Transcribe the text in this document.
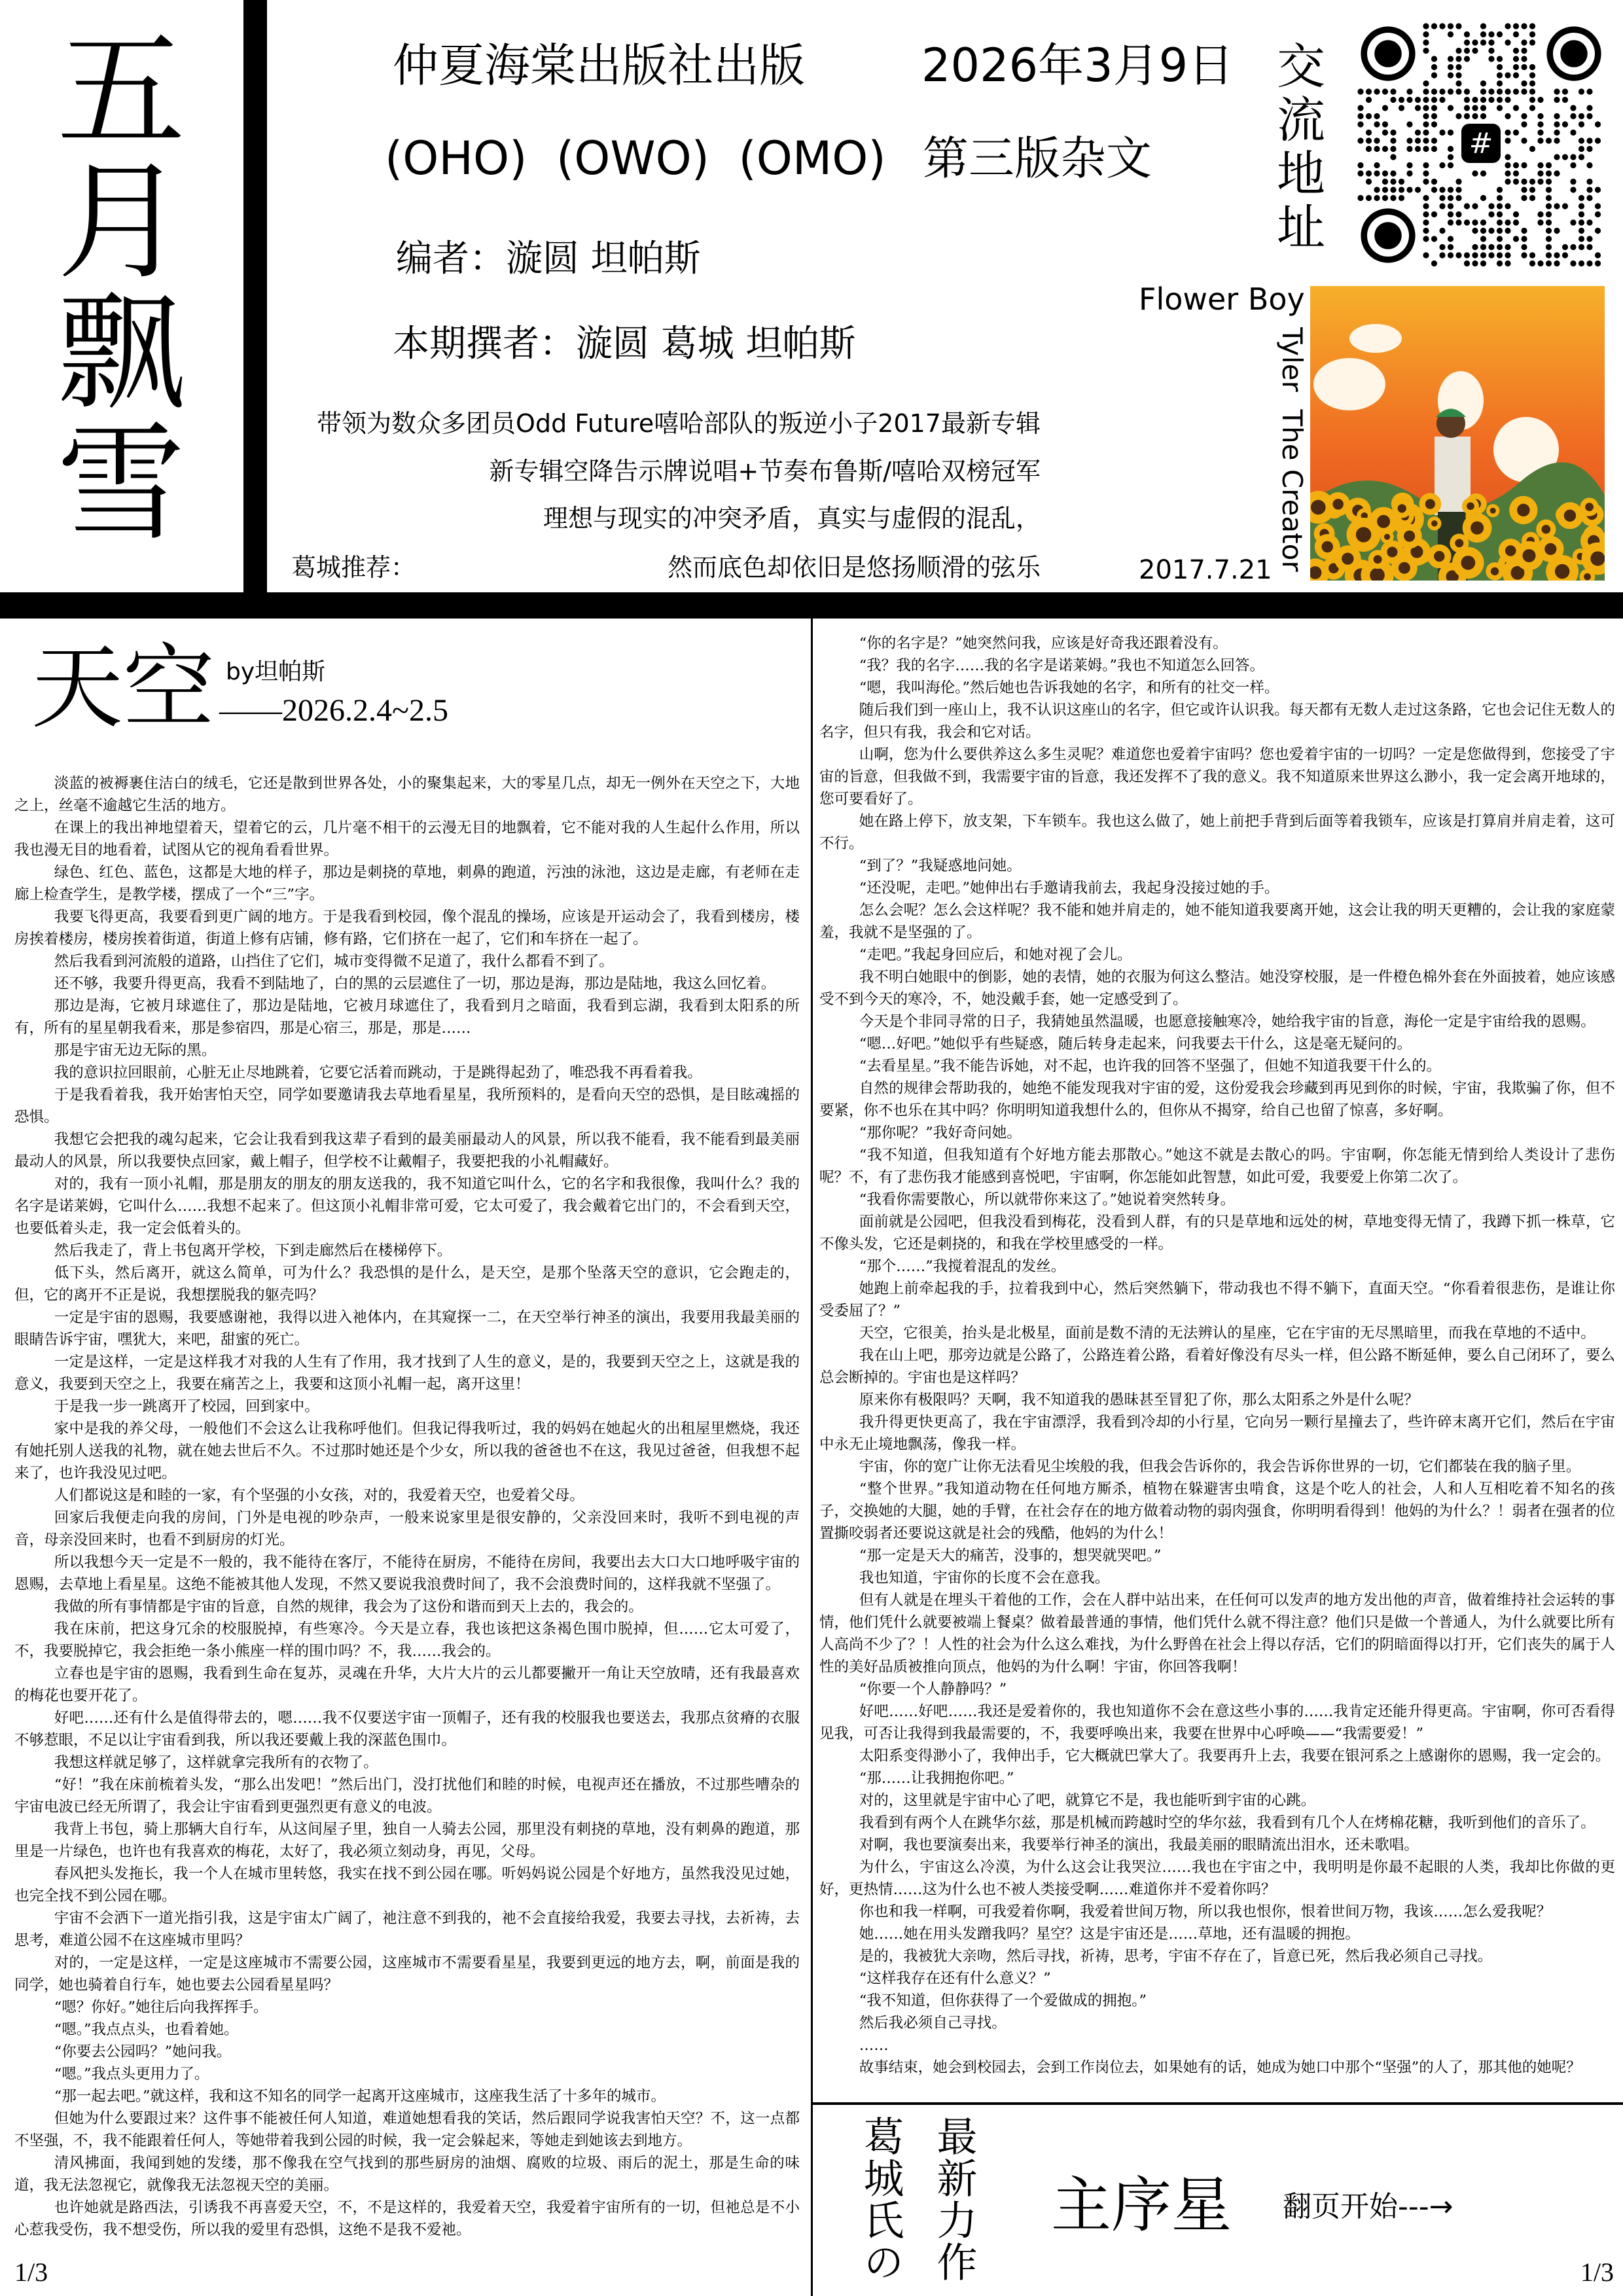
五
月
飘
雪
仲夏海棠出版社出版	2026年3月9日
(OHO)  (OWO)  (OMO) 第三版杂文
编者：漩圆 坦帕斯
本期撰者：漩圆 葛城 坦帕斯
带领为数众多团员Odd Future嘻哈部队的叛逆小子2017最新专辑
新专辑空降告示牌说唱+节奏布鲁斯/嘻哈双榜冠军
理想与现实的冲突矛盾，真实与虚假的混乱，
然而底色却依旧是悠扬顺滑的弦乐
葛城推荐：
交流地址	#
Flower Boy
Tyler  The Creator
2017.7.21
天空 by坦帕斯
——2026.2.4~2.5

淡蓝的被褥裹住洁白的绒毛，它还是散到世界各处，小的聚集起来，大的零星几点，却无一例外在天空之下，大地之上，丝毫不逾越它生活的地方。

在课上的我出神地望着天，望着它的云，几片毫不相干的云漫无目的地飘着，它不能对我的人生起什么作用，所以我也漫无目的地看着，试图从它的视角看看世界。

绿色、红色、蓝色，这都是大地的样子，那边是刺挠的草地，刺鼻的跑道，污浊的泳池，这边是走廊，有老师在走廊上检查学生，是教学楼，摆成了一个“三”字。

我要飞得更高，我要看到更广阔的地方。于是我看到校园，像个混乱的操场，应该是开运动会了，我看到楼房，楼房挨着楼房，楼房挨着街道，街道上修有店铺，修有路，它们挤在一起了，它们和车挤在一起了。

然后我看到河流般的道路，山挡住了它们，城市变得微不足道了，我什么都看不到了。

还不够，我要升得更高，我看不到陆地了，白的黑的云层遮住了一切，那边是海，那边是陆地，我这么回忆着。

那边是海，它被月球遮住了，那边是陆地，它被月球遮住了，我看到月之暗面，我看到忘湖，我看到太阳系的所有，所有的星星朝我看来，那是参宿四，那是心宿三，那是，那是……

那是宇宙无边无际的黑。

我的意识拉回眼前，心脏无止尽地跳着，它要它活着而跳动，于是跳得起劲了，唯恐我不再看着我。

于是我看着我，我开始害怕天空，同学如要邀请我去草地看星星，我所预料的，是看向天空的恐惧，是目眩魂摇的恐惧。

我想它会把我的魂勾起来，它会让我看到我这辈子看到的最美丽最动人的风景，所以我不能看，我不能看到最美丽最动人的风景，所以我要快点回家，戴上帽子，但学校不让戴帽子，我要把我的小礼帽藏好。

对的，我有一顶小礼帽，那是朋友的朋友的朋友送我的，我不知道它叫什么，它的名字和我很像，我叫什么？我的名字是诺莱姆，它叫什么……我想不起来了。但这顶小礼帽非常可爱，它太可爱了，我会戴着它出门的，不会看到天空，也要低着头走，我一定会低着头的。

然后我走了，背上书包离开学校，下到走廊然后在楼梯停下。

低下头，然后离开，就这么简单，可为什么？我恐惧的是什么，是天空，是那个坠落天空的意识，它会跑走的，但，它的离开不正是说，我想摆脱我的躯壳吗？

一定是宇宙的恩赐，我要感谢祂，我得以进入祂体内，在其窥探一二，在天空举行神圣的演出，我要用我最美丽的眼睛告诉宇宙，嘿犹大，来吧，甜蜜的死亡。

一定是这样，一定是这样我才对我的人生有了作用，我才找到了人生的意义，是的，我要到天空之上，这就是我的意义，我要到天空之上，我要在痛苦之上，我要和这顶小礼帽一起，离开这里！

于是我一步一跳离开了校园，回到家中。

家中是我的养父母，一般他们不会这么让我称呼他们。但我记得我听过，我的妈妈在她起火的出租屋里燃烧，我还有她托别人送我的礼物，就在她去世后不久。不过那时她还是个少女，所以我的爸爸也不在这，我见过爸爸，但我想不起来了，也许我没见过吧。

人们都说这是和睦的一家，有个坚强的小女孩，对的，我爱着天空，也爱着父母。

回家后我便走向我的房间，门外是电视的吵杂声，一般来说家里是很安静的，父亲没回来时，我听不到电视的声音，母亲没回来时，也看不到厨房的灯光。

所以我想今天一定是不一般的，我不能待在客厅，不能待在厨房，不能待在房间，我要出去大口大口地呼吸宇宙的恩赐，去草地上看星星。这绝不能被其他人发现，不然又要说我浪费时间了，我不会浪费时间的，这样我就不坚强了。

我做的所有事情都是宇宙的旨意，自然的规律，我会为了这份和谐而到天上去的，我会的。

我在床前，把这身冗余的校服脱掉，有些寒冷。今天是立春，我也该把这条褐色围巾脱掉，但……它太可爱了，不，我要脱掉它，我会拒绝一条小熊座一样的围巾吗？不，我……我会的。

立春也是宇宙的恩赐，我看到生命在复苏，灵魂在升华，大片大片的云儿都要撇开一角让天空放晴，还有我最喜欢的梅花也要开花了。

好吧……还有什么是值得带去的，嗯……我不仅要送宇宙一顶帽子，还有我的校服我也要送去，我那点贫瘠的衣服不够惹眼，不足以让宇宙看到我，所以我还要戴上我的深蓝色围巾。

我想这样就足够了，这样就拿完我所有的衣物了。

“好！”我在床前梳着头发，“那么出发吧！”然后出门，没打扰他们和睦的时候，电视声还在播放，不过那些嘈杂的宇宙电波已经无所谓了，我会让宇宙看到更强烈更有意义的电波。

我背上书包，骑上那辆大自行车，从这间屋子里，独自一人骑去公园，那里没有刺挠的草地，没有刺鼻的跑道，那里是一片绿色，也许也有我喜欢的梅花，太好了，我必须立刻动身，再见，父母。

春风把头发拖长，我一个人在城市里转悠，我实在找不到公园在哪。听妈妈说公园是个好地方，虽然我没见过她，也完全找不到公园在哪。

宇宙不会洒下一道光指引我，这是宇宙太广阔了，祂注意不到我的，祂不会直接给我爱，我要去寻找，去祈祷，去思考，难道公园不在这座城市里吗？

对的，一定是这样，一定是这座城市不需要公园，这座城市不需要看星星，我要到更远的地方去，啊，前面是我的同学，她也骑着自行车，她也要去公园看星星吗？

“嗯？你好。”她往后向我挥挥手。

“嗯。”我点点头，也看着她。

“你要去公园吗？”她问我。

“嗯。”我点头更用力了。

“那一起去吧。”就这样，我和这不知名的同学一起离开这座城市，这座我生活了十多年的城市。

但她为什么要跟过来？这件事不能被任何人知道，难道她想看我的笑话，然后跟同学说我害怕天空？不，这一点都不坚强，不，我不能跟着任何人，等她带着我到公园的时候，我一定会躲起来，等她走到她该去到地方。

清风拂面，我闻到她的发缕，那不像我在空气找到的那些厨房的油烟、腐败的垃圾、雨后的泥土，那是生命的味道，我无法忽视它，就像我无法忽视天空的美丽。

也许她就是路西法，引诱我不再喜爱天空，不，不是这样的，我爱着天空，我爱着宇宙所有的一切，但祂总是不小心惹我受伤，我不想受伤，所以我的爱里有恐惧，这绝不是我不爱祂。

“你的名字是？”她突然问我，应该是好奇我还跟着没有。

“我？我的名字……我的名字是诺莱姆。”我也不知道怎么回答。

“嗯，我叫海伦。”然后她也告诉我她的名字，和所有的社交一样。

随后我们到一座山上，我不认识这座山的名字，但它或许认识我。每天都有无数人走过这条路，它也会记住无数人的名字，但只有我，我会和它对话。

山啊，您为什么要供养这么多生灵呢？难道您也爱着宇宙吗？您也爱着宇宙的一切吗？一定是您做得到，您接受了宇宙的旨意，但我做不到，我需要宇宙的旨意，我还发挥不了我的意义。我不知道原来世界这么渺小，我一定会离开地球的，您可要看好了。

她在路上停下，放支架，下车锁车。我也这么做了，她上前把手背到后面等着我锁车，应该是打算肩并肩走着，这可不行。

“到了？”我疑惑地问她。

“还没呢，走吧。”她伸出右手邀请我前去，我起身没接过她的手。

怎么会呢？怎么会这样呢？我不能和她并肩走的，她不能知道我要离开她，这会让我的明天更糟的，会让我的家庭蒙羞，我就不是坚强的了。

“走吧。”我起身回应后，和她对视了会儿。

我不明白她眼中的倒影，她的表情，她的衣服为何这么整洁。她没穿校服，是一件橙色棉外套在外面披着，她应该感受不到今天的寒冷，不，她没戴手套，她一定感受到了。

今天是个非同寻常的日子，我猜她虽然温暖，也愿意接触寒冷，她给我宇宙的旨意，海伦一定是宇宙给我的恩赐。

“嗯…好吧。”她似乎有些疑惑，随后转身走起来，问我要去干什么，这是毫无疑问的。

“去看星星。”我不能告诉她，对不起，也许我的回答不坚强了，但她不知道我要干什么的。

自然的规律会帮助我的，她绝不能发现我对宇宙的爱，这份爱我会珍藏到再见到你的时候，宇宙，我欺骗了你，但不要紧，你不也乐在其中吗？你明明知道我想什么的，但你从不揭穿，给自己也留了惊喜，多好啊。

“那你呢？”我好奇问她。

“我不知道，但我知道有个好地方能去那散心。”她这不就是去散心的吗。宇宙啊，你怎能无情到给人类设计了悲伤呢？不，有了悲伤我才能感到喜悦吧，宇宙啊，你怎能如此智慧，如此可爱，我要爱上你第二次了。

“我看你需要散心，所以就带你来这了。”她说着突然转身。

面前就是公园吧，但我没看到梅花，没看到人群，有的只是草地和远处的树，草地变得无情了，我蹲下抓一株草，它不像头发，它还是刺挠的，和我在学校里感受的一样。

“那个……”我搅着混乱的发丝。

她跑上前牵起我的手，拉着我到中心，然后突然躺下，带动我也不得不躺下，直面天空。“你看着很悲伤，是谁让你受委屈了？”

天空，它很美，抬头是北极星，面前是数不清的无法辨认的星座，它在宇宙的无尽黑暗里，而我在草地的不适中。

我在山上吧，那旁边就是公路了，公路连着公路，看着好像没有尽头一样，但公路不断延伸，要么自己闭环了，要么总会断掉的。宇宙也是这样吗？

原来你有极限吗？天啊，我不知道我的愚昧甚至冒犯了你，那么太阳系之外是什么呢？

我升得更快更高了，我在宇宙漂浮，我看到冷却的小行星，它向另一颗行星撞去了，些许碎末离开它们，然后在宇宙中永无止境地飘荡，像我一样。

宇宙，你的宽广让你无法看见尘埃般的我，但我会告诉你的，我会告诉你世界的一切，它们都装在我的脑子里。

“整个世界。”我知道动物在任何地方厮杀，植物在躲避害虫啃食，这是个吃人的社会，人和人互相吃着不知名的孩子，交换她的大腿，她的手臂，在社会存在的地方做着动物的弱肉强食，你明明看得到！他妈的为什么？！弱者在强者的位置撕咬弱者还要说这就是社会的残酷，他妈的为什么！

“那一定是天大的痛苦，没事的，想哭就哭吧。”

我也知道，宇宙你的长度不会在意我。

但有人就是在埋头干着他的工作，会在人群中站出来，在任何可以发声的地方发出他的声音，做着维持社会运转的事情，他们凭什么就要被端上餐桌？做着最普通的事情，他们凭什么就不得注意？他们只是做一个普通人，为什么就要比所有人高尚不少了？！人性的社会为什么这么难找，为什么野兽在社会上得以存活，它们的阴暗面得以打开，它们丧失的属于人性的美好品质被推向顶点，他妈的为什么啊！宇宙，你回答我啊！

“你要一个人静静吗？”

好吧……好吧……我还是爱着你的，我也知道你不会在意这些小事的……我肯定还能升得更高。宇宙啊，你可否看得见我，可否让我得到我最需要的，不，我要呼唤出来，我要在世界中心呼唤——“我需要爱！”

太阳系变得渺小了，我伸出手，它大概就巴掌大了。我要再升上去，我要在银河系之上感谢你的恩赐，我一定会的。

“那……让我拥抱你吧。”

对的，这里就是宇宙中心了吧，就算它不是，我也能听到宇宙的心跳。

我看到有两个人在跳华尔兹，那是机械而跨越时空的华尔兹，我看到有几个人在烤棉花糖，我听到他们的音乐了。

对啊，我也要演奏出来，我要举行神圣的演出，我最美丽的眼睛流出泪水，还未歌唱。

为什么，宇宙这么冷漠，为什么这会让我哭泣……我也在宇宙之中，我明明是你最不起眼的人类，我却比你做的更好，更热情……这为什么也不被人类接受啊……难道你并不爱着你吗？

你也和我一样啊，可我爱着你啊，我爱着世间万物，所以我也恨你，恨着世间万物，我该……怎么爱我呢？

她……她在用头发蹭我吗？星空？这是宇宙还是……草地，还有温暖的拥抱。

是的，我被犹大亲吻，然后寻找，祈祷，思考，宇宙不存在了，旨意已死，然后我必须自己寻找。

“这样我存在还有什么意义？”

“我不知道，但你获得了一个爱做成的拥抱。”

然后我必须自己寻找。

……

故事结束，她会到校园去，会到工作岗位去，如果她有的话，她成为她口中那个“坚强”的人了，那其他的她呢？

葛城氏の 最新力作 主序星 翻页开始---→
1/3	1/3
